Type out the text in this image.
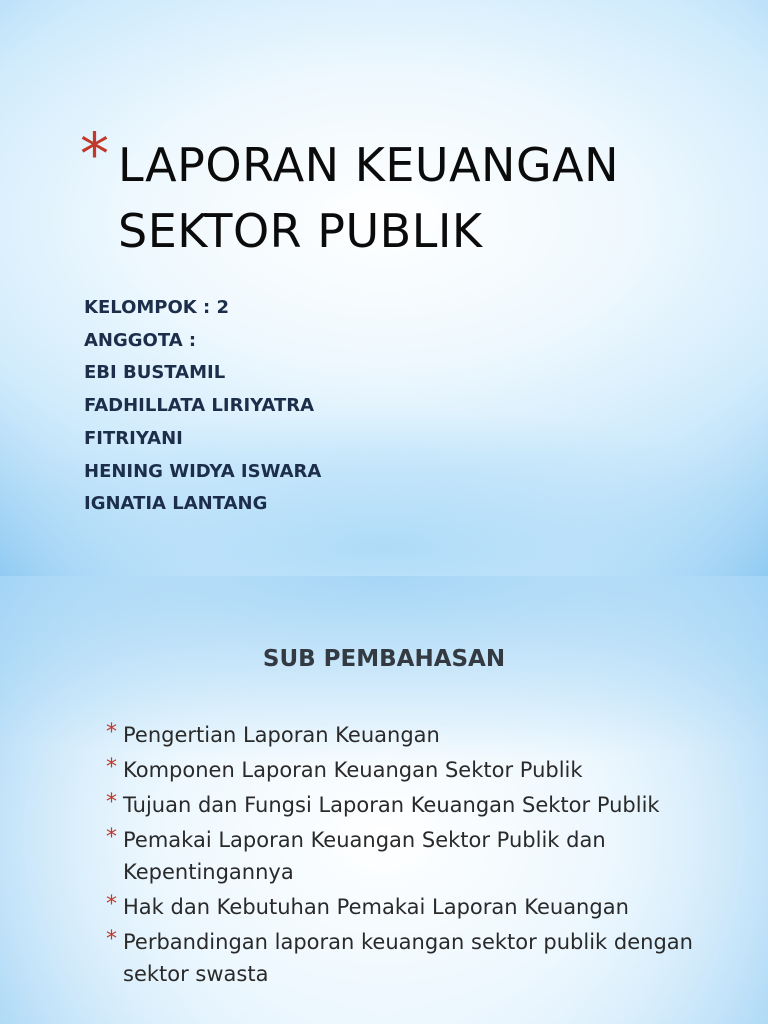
* LAPORAN KEUANGAN
SEKTOR PUBLIK
KELOMPOK : 2
ANGGOTA :
EBI BUSTAMIL
FADHILLATA LIRIYATRA
FITRIYANI
HENING WIDYA ISWARA
IGNATIA LANTANG
SUB PEMBAHASAN
* Pengertian Laporan Keuangan
* Komponen Laporan Keuangan Sektor Publik
* Tujuan dan Fungsi Laporan Keuangan Sektor Publik
* Pemakai Laporan Keuangan Sektor Publik dan Kepentingannya
* Hak dan Kebutuhan Pemakai Laporan Keuangan
* Perbandingan laporan keuangan sektor publik dengan sektor swasta
